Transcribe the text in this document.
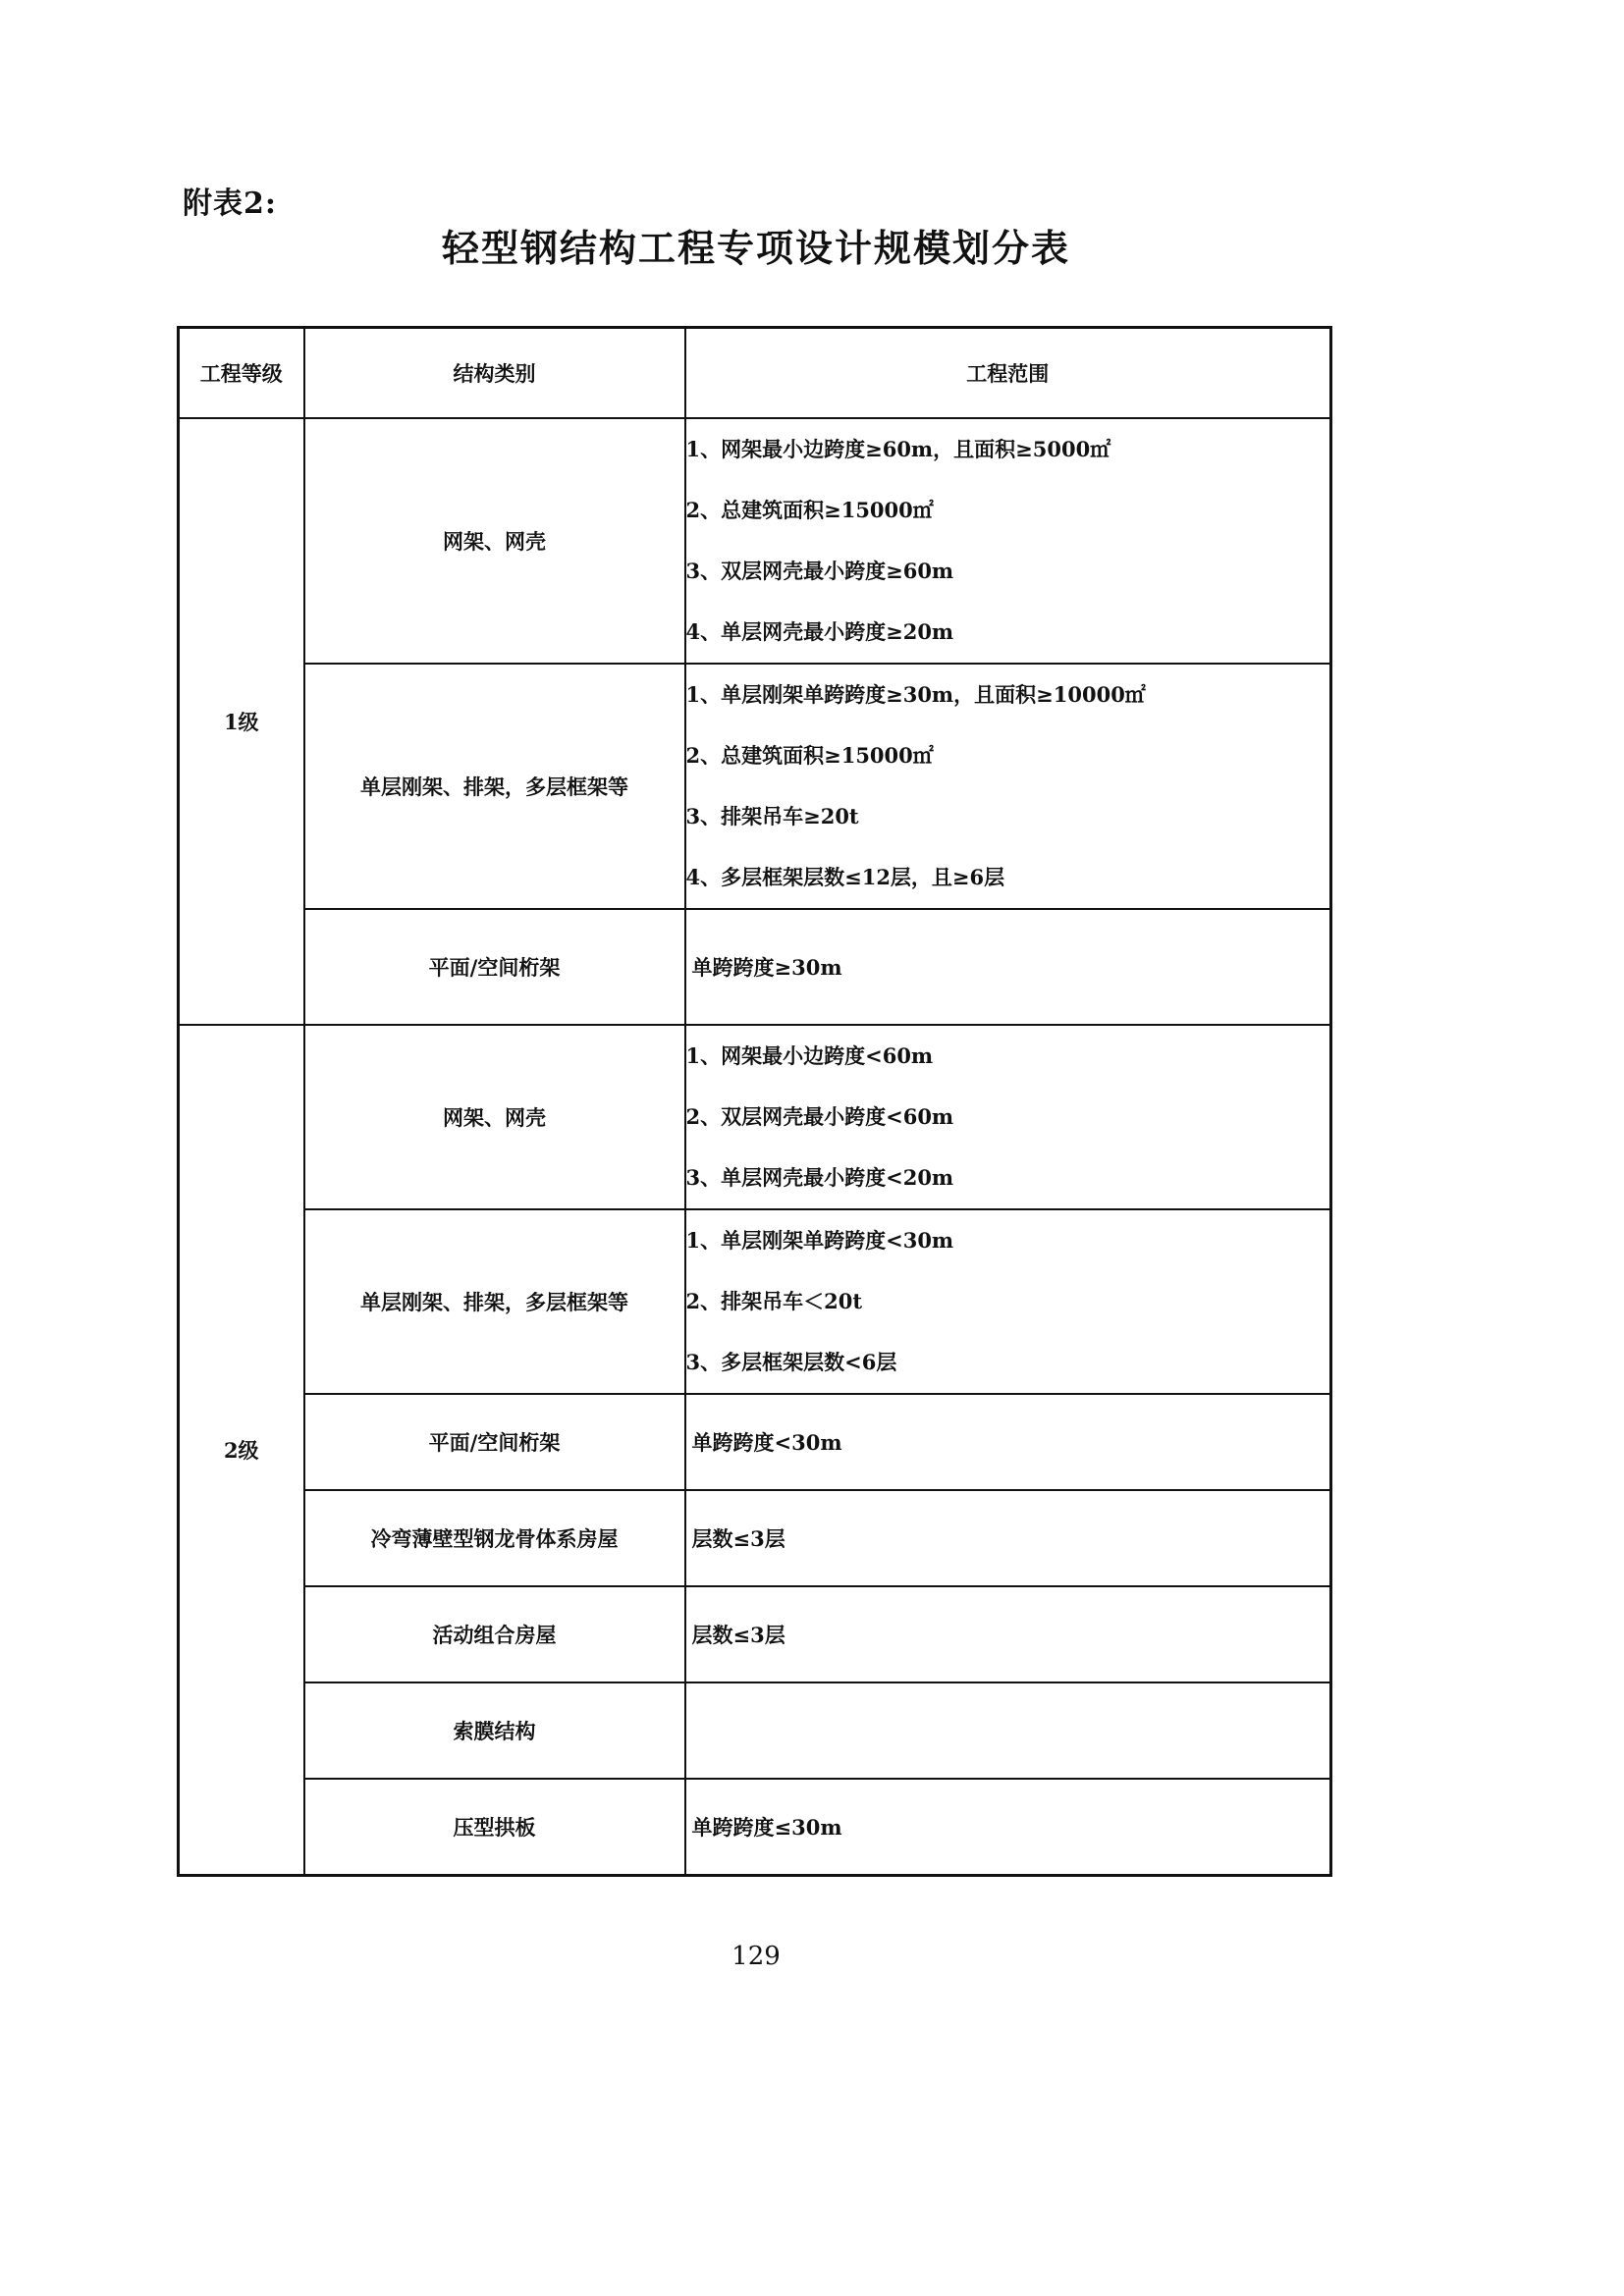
附表2:
轻型钢结构工程专项设计规模划分表
工程等级	结构类别	工程范围
1级	网架、网壳	1、网架最小边跨度≥60m，且面积≥5000㎡
2、总建筑面积≥15000㎡
3、双层网壳最小跨度≥60m
4、单层网壳最小跨度≥20m

	单层刚架、排架，多层框架等	1、单层刚架单跨跨度≥30m，且面积≥10000㎡
2、总建筑面积≥15000㎡
3、排架吊车≥20t
4、多层框架层数≤12层，且≥6层

	平面/空间桁架	单跨跨度≥30m

2级	网架、网壳	1、网架最小边跨度<60m
2、双层网壳最小跨度<60m
3、单层网壳最小跨度<20m

	单层刚架、排架，多层框架等	1、单层刚架单跨跨度<30m
2、排架吊车＜20t
3、多层框架层数<6层

	平面/空间桁架	单跨跨度<30m

	冷弯薄壁型钢龙骨体系房屋	层数≤3层

	活动组合房屋	层数≤3层

	索膜结构	

	压型拱板	单跨跨度≤30m
129
